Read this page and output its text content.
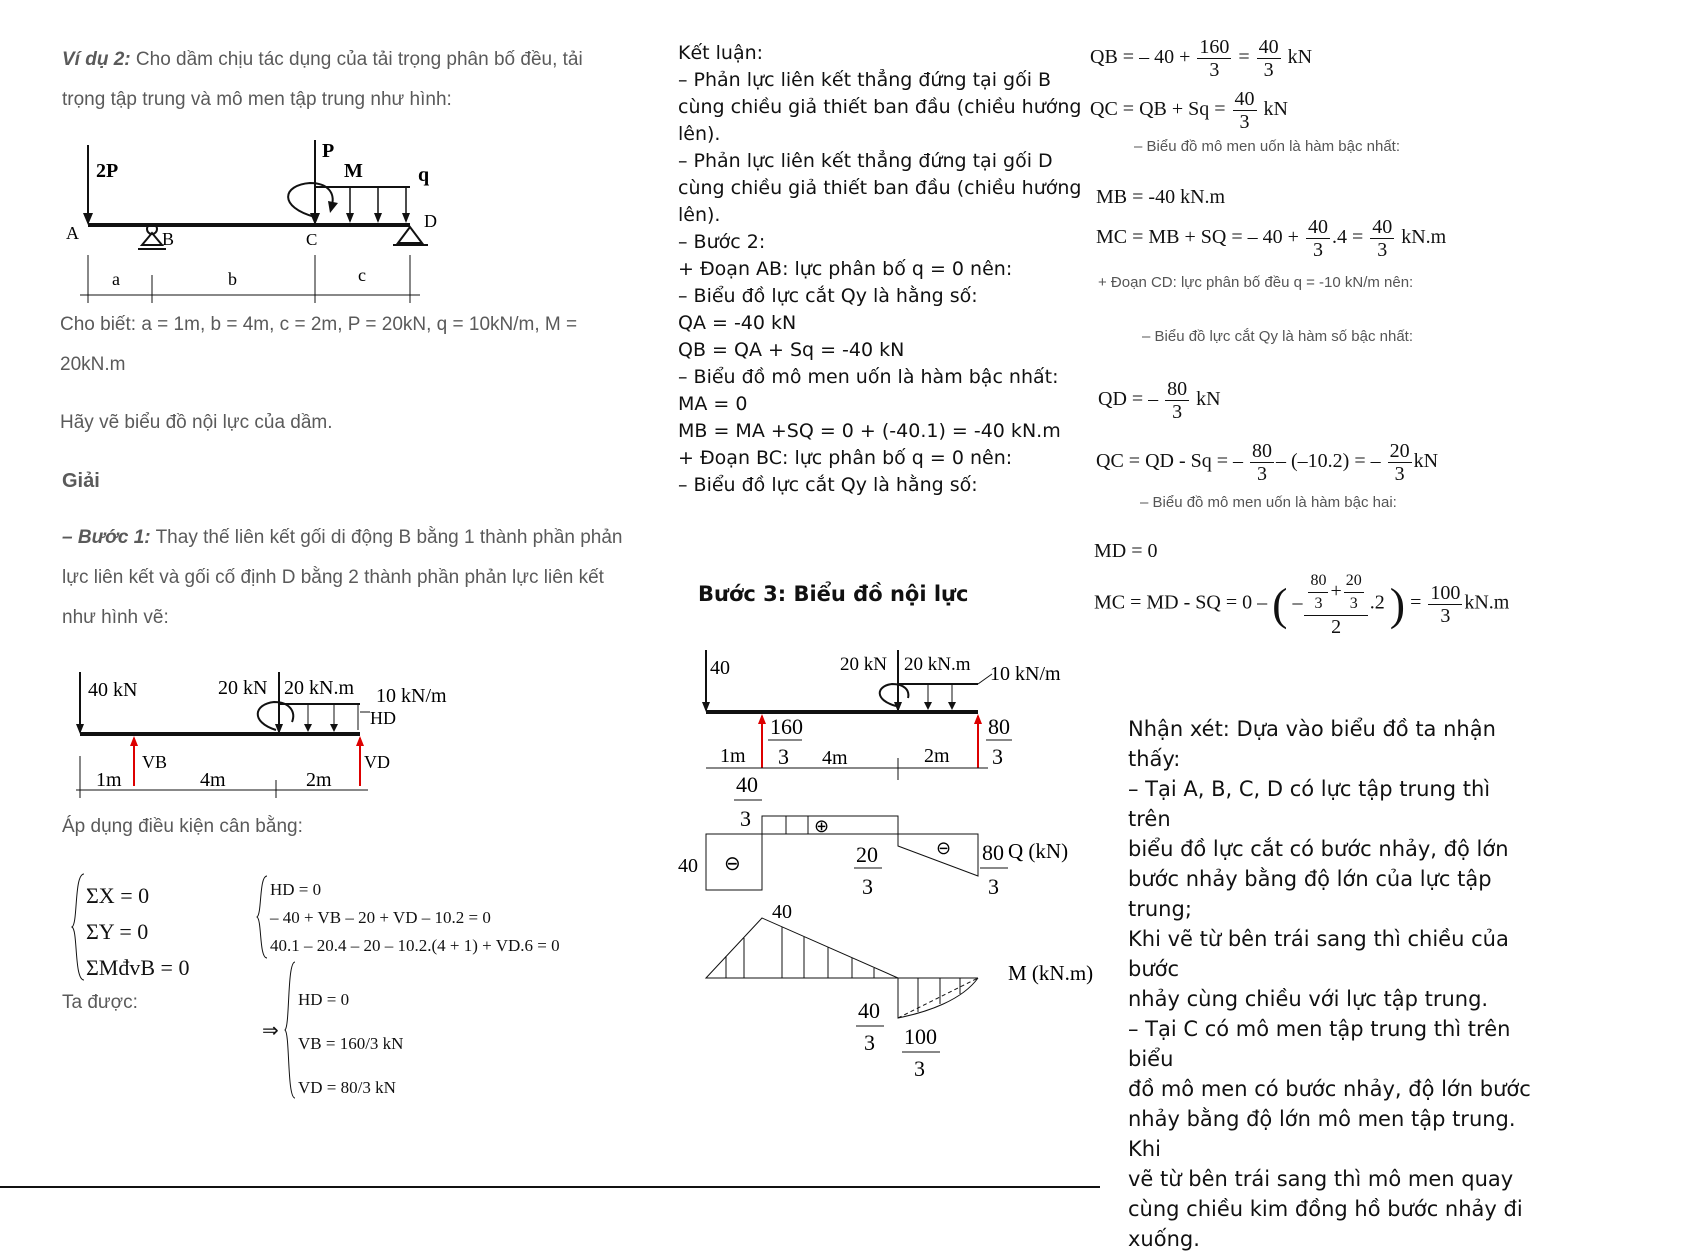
Ví dụ 2: Cho dầm chịu tác dụng của tải trọng phân bố đều, tải
trọng tập trung và mô men tập trung như hình:
2P
A	B
P
C
M	q
D
a	b	c
Cho biết: a = 1m, b = 4m, c = 2m, P = 20kN, q = 10kN/m, M =
20kN.m
Hãy vẽ biểu đồ nội lực của dầm.
Giải
– Bước 1: Thay thế liên kết gối di động B bằng 1 thành phần phản
lực liên kết và gối cố định D bằng 2 thành phần phản lực liên kết
như hình vẽ:
40 kN	20 kN 20 kN.m 10 kN/m
HD
VB	VD
1m	4m	2m
Áp dụng điều kiện cân bằng:
ΣX = 0
ΣY = 0
ΣMđvB = 0
HD = 0
– 40 + VB – 20 + VD – 10.2 = 0
40.1 – 20.4 – 20 – 10.2.(4 + 1) + VD.6 = 0
Ta được:
⇒
HD = 0
VB = 160/3 kN
VD = 80/3 kN
Kết luận:
– Phản lực liên kết thẳng đứng tại gối B
cùng chiều giả thiết ban đầu (chiều hướng
lên).
– Phản lực liên kết thẳng đứng tại gối D
cùng chiều giả thiết ban đầu (chiều hướng
lên).
– Bước 2:
+ Đoạn AB: lực phân bố q = 0 nên:
– Biểu đồ lực cắt Qy là hằng số:
QA = -40 kN
QB = QA + Sq = -40 kN
– Biểu đồ mô men uốn là hàm bậc nhất:
MA = 0
MB = MA +SQ = 0 + (-40.1) = -40 kN.m
+ Đoạn BC: lực phân bố q = 0 nên:
– Biểu đồ lực cắt Qy là hằng số:
Bước 3: Biểu đồ nội lực
40	20 kN 20 kN.m 10 kN/m
160
3
80
3
1m	4m	2m
⊖
40
⊕
40
3
⊖
20
3
80
3
Q (kN)
40
40
3 100
3
M (kN.m)
QB = – $40 + \frac{160}{3} = \frac{40}{3}$ kN
QC = QB + $Sq = \frac{40}{3}$ kN
– Biểu đồ mô men uốn là hàm bậc nhất:
MB = -40 kN.m
MC = MB + SQ = – $40 + \frac{40}{3} .4 = \frac{40}{3} kN.m$
+ Đoạn CD: lực phân bố đều q = -10 kN/m nên:
– Biểu đồ lực cắt Qy là hàm số bậc nhất:
QD = – $\frac{80}{3}$ kN
QC = QD - Sq = – $\frac{80}{3} - (-10.2)$ = – $\frac{20}{3}$ kN
– Biểu đồ mô men uốn là hàm bậc hai:
MD = 0
MC = MD - SQ = 0 – ( – $\frac{\frac{80}{3} + \frac{20}{3}}{2} .2$ ) = $\frac{100}{3} kN.m$
Nhận xét: Dựa vào biểu đồ ta nhận thấy:
– Tại A, B, C, D có lực tập trung thì trên
biểu đồ lực cắt có bước nhảy, độ lớn
bước nhảy bằng độ lớn của lực tập trung;
Khi vẽ từ bên trái sang thì chiều của bước
nhảy cùng chiều với lực tập trung.
– Tại C có mô men tập trung thì trên biểu
đồ mô men có bước nhảy, độ lớn bước
nhảy bằng độ lớn mô men tập trung. Khi
vẽ từ bên trái sang thì mô men quay
cùng chiều kim đồng hồ bước nhảy đi
xuống.
